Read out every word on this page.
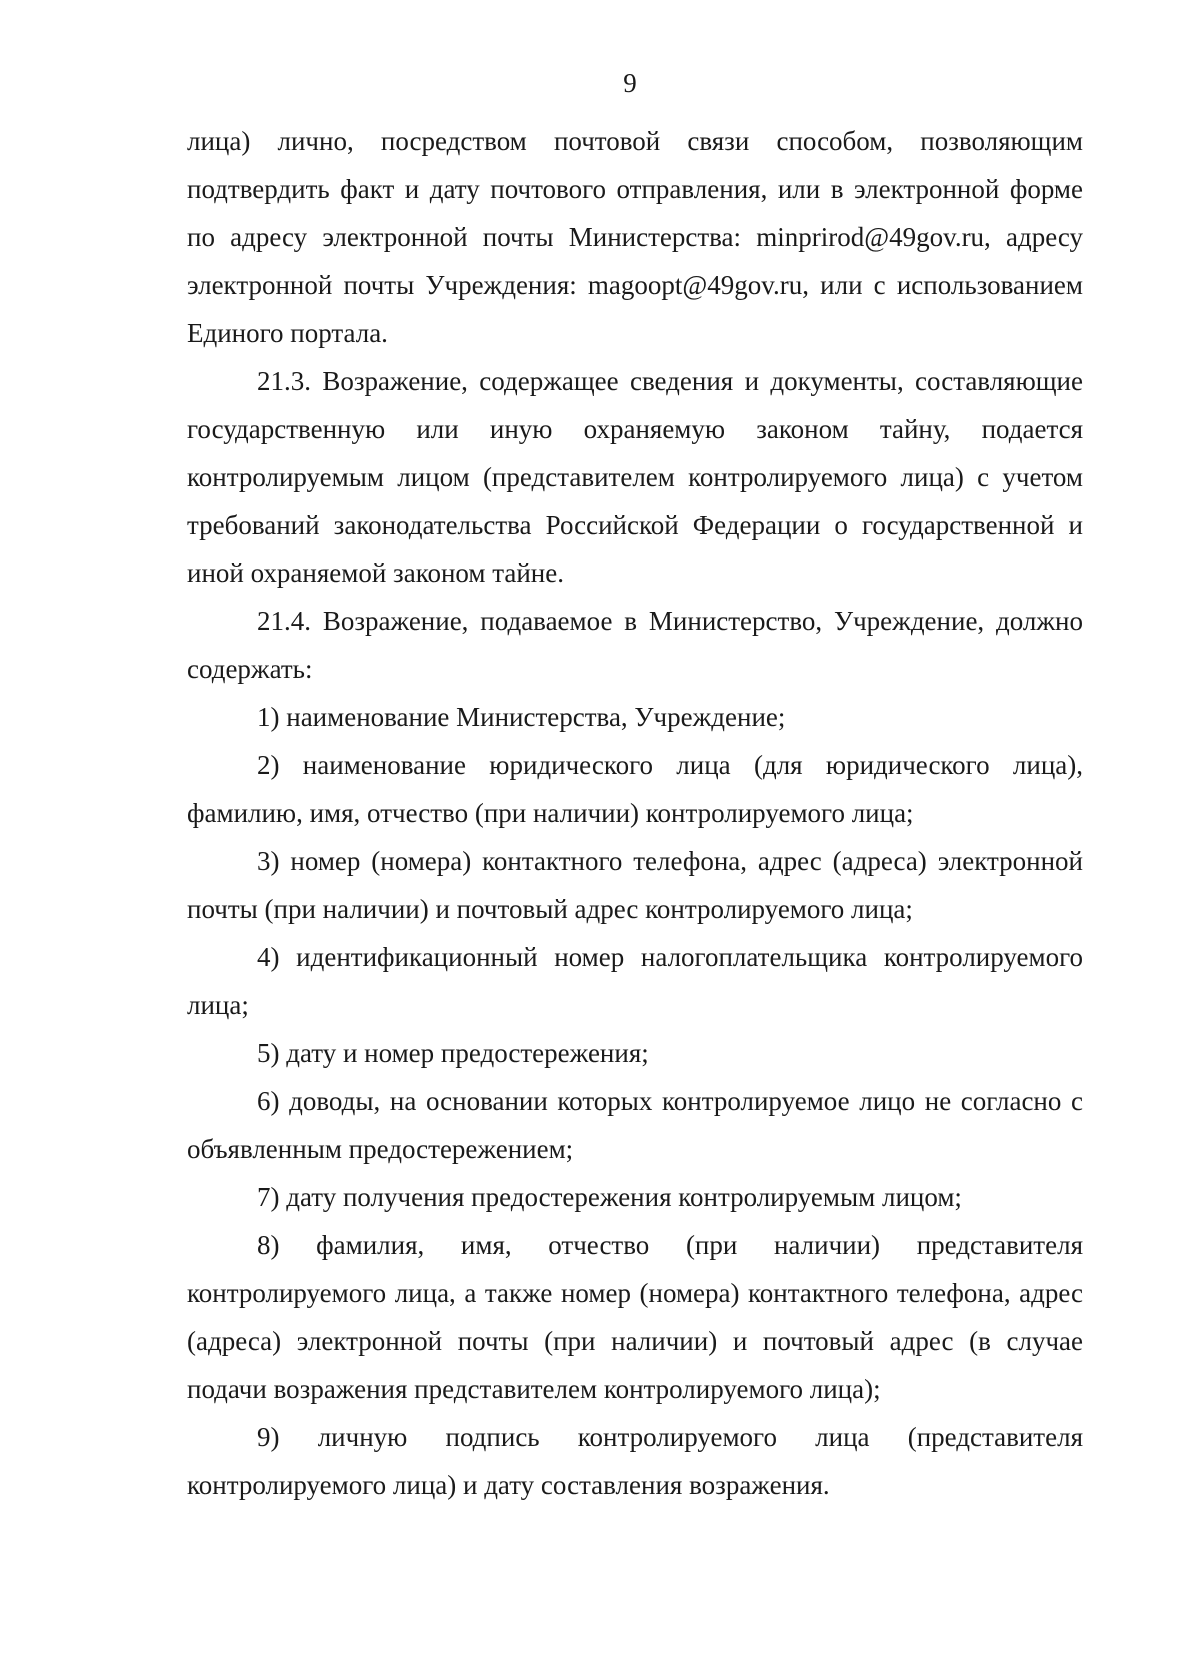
9

лица) лично, посредством почтовой связи способом, позволяющим подтвердить факт и дату почтового отправления, или в электронной форме по адресу электронной почты Министерства: minprirod@49gov.ru, адресу электронной почты Учреждения: magoopt@49gov.ru, или с использованием Единого портала.

21.3. Возражение, содержащее сведения и документы, составляющие государственную или иную охраняемую законом тайну, подается контролируемым лицом (представителем контролируемого лица) с учетом требований законодательства Российской Федерации о государственной и иной охраняемой законом тайне.

21.4. Возражение, подаваемое в Министерство, Учреждение, должно содержать:

1) наименование Министерства, Учреждение;

2) наименование юридического лица (для юридического лица), фамилию, имя, отчество (при наличии) контролируемого лица;

3) номер (номера) контактного телефона, адрес (адреса) электронной почты (при наличии) и почтовый адрес контролируемого лица;

4) идентификационный номер налогоплательщика контролируемого лица;

5) дату и номер предостережения;

6) доводы, на основании которых контролируемое лицо не согласно с объявленным предостережением;

7) дату получения предостережения контролируемым лицом;

8) фамилия, имя, отчество (при наличии) представителя контролируемого лица, а также номер (номера) контактного телефона, адрес (адреса) электронной почты (при наличии) и почтовый адрес (в случае подачи возражения представителем контролируемого лица);

9) личную подпись контролируемого лица (представителя контролируемого лица) и дату составления возражения.
